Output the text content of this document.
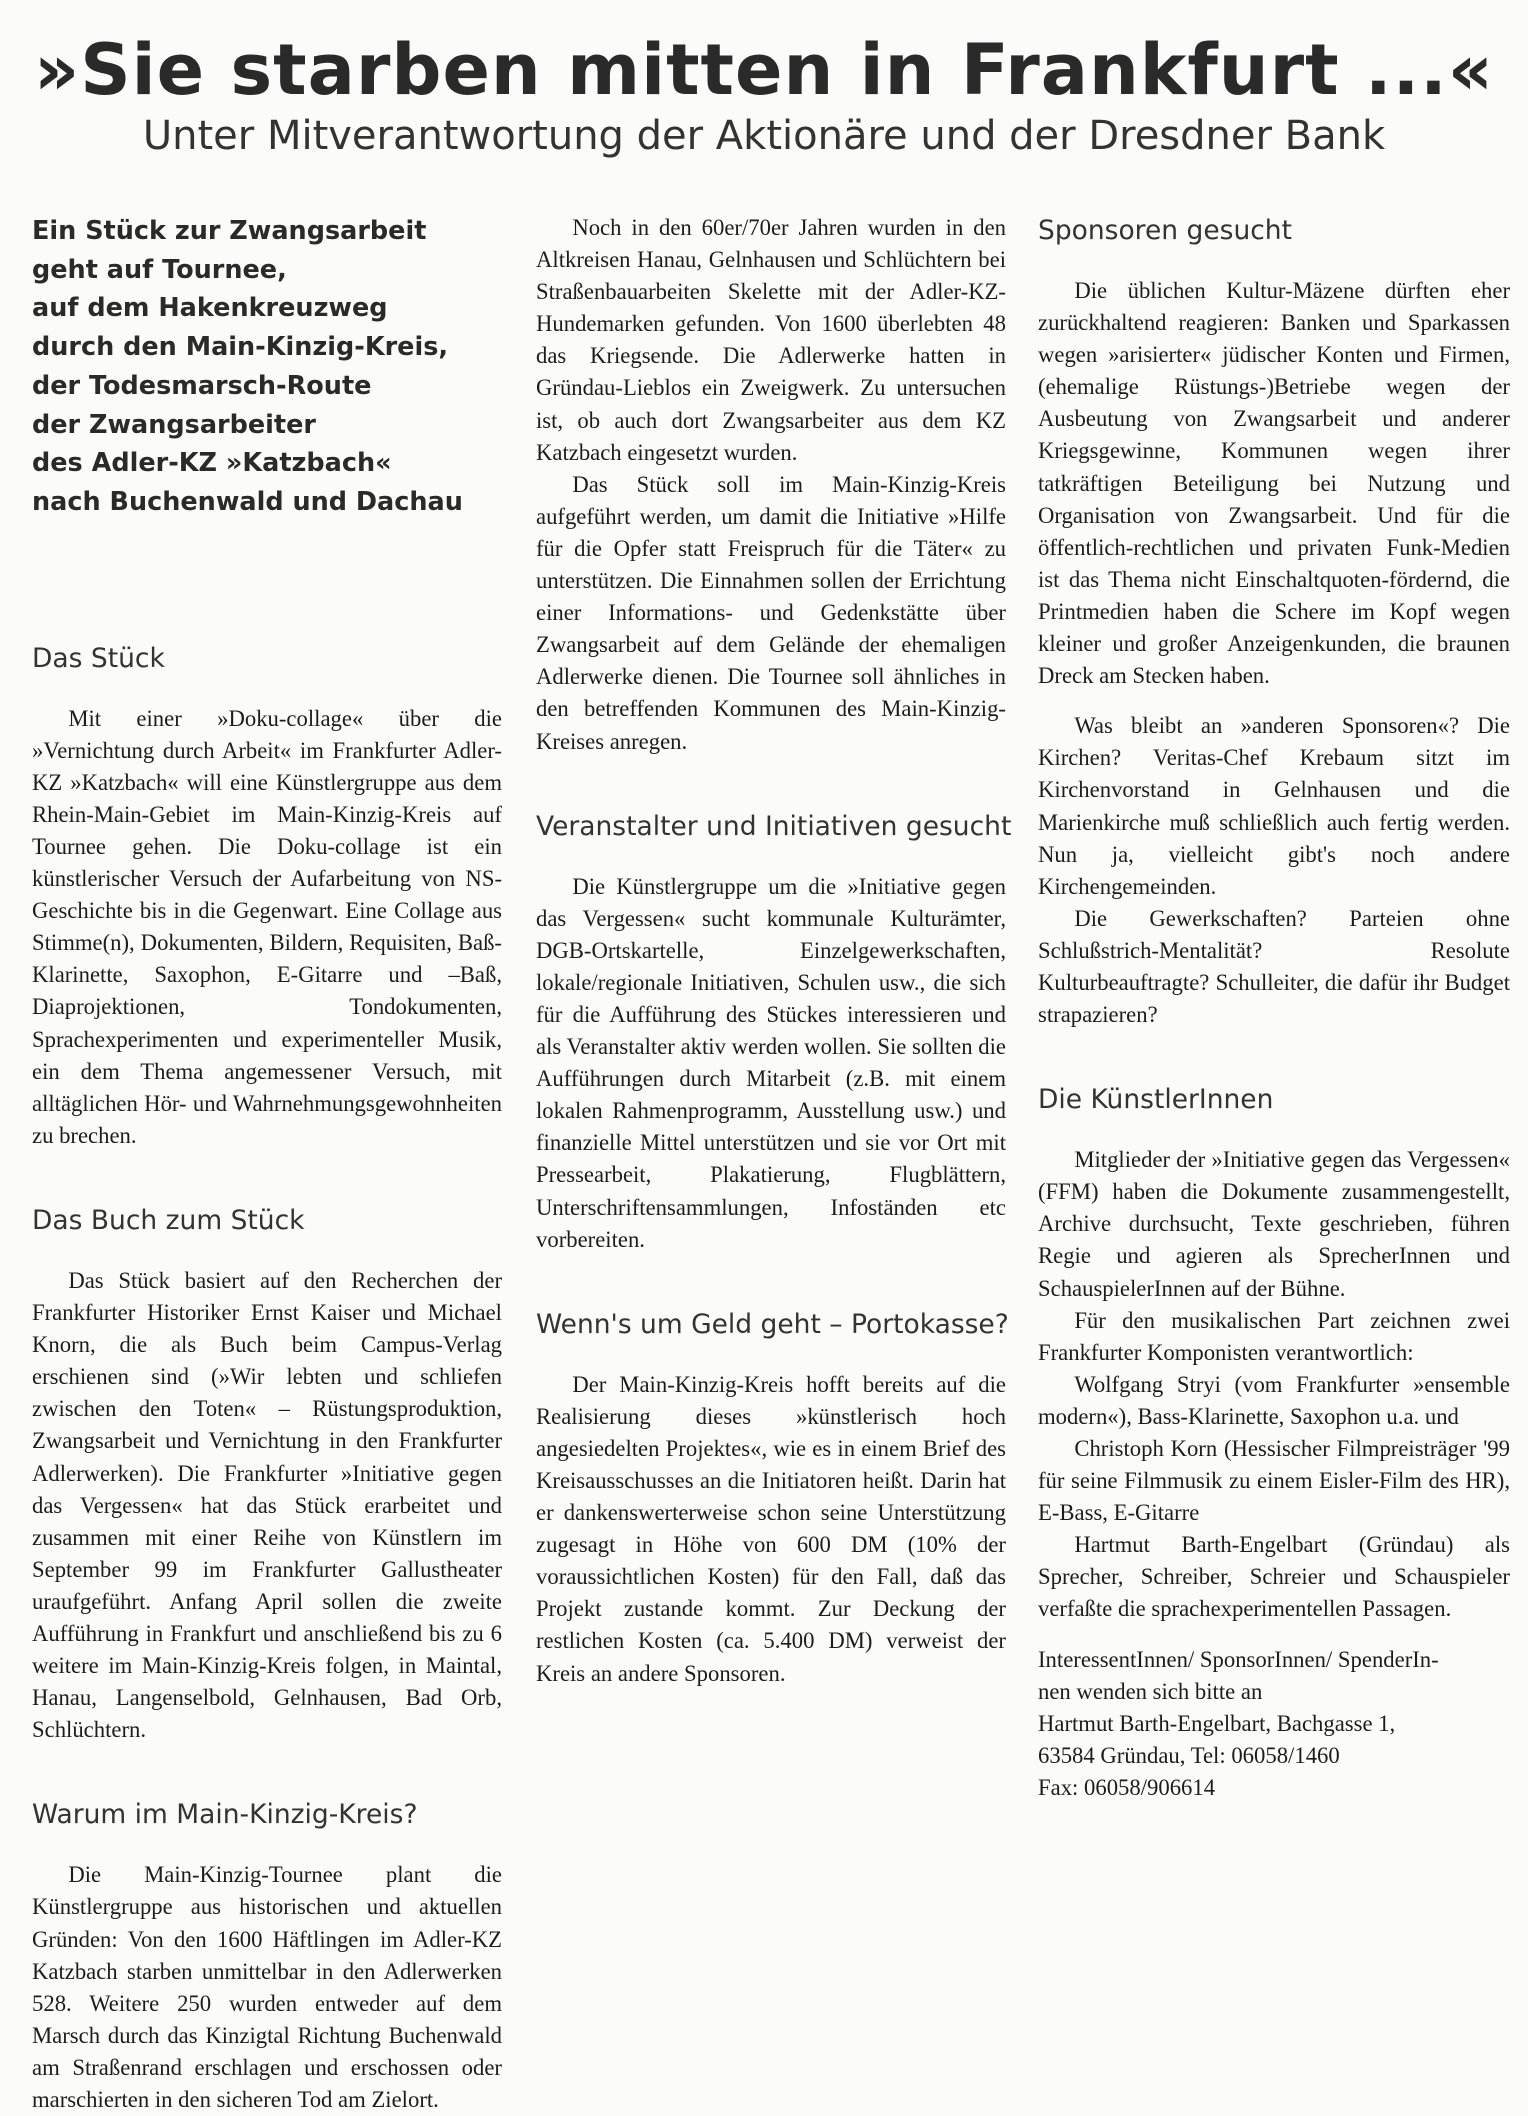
»Sie starben mitten in Frankfurt ...«
Unter Mitverantwortung der Aktionäre und der Dresdner Bank
Ein Stück zur Zwangsarbeit
geht auf Tournee,
auf dem Hakenkreuzweg
durch den Main-Kinzig-Kreis,
der Todesmarsch-Route
der Zwangsarbeiter
des Adler-KZ »Katzbach«
nach Buchenwald und Dachau
Das Stück

Mit einer »Doku-collage« über die »Vernichtung durch Arbeit« im Frankfurter Adler-KZ »Katzbach« will eine Künstlergruppe aus dem Rhein-Main-Gebiet im Main-Kinzig-Kreis auf Tournee gehen. Die Doku-collage ist ein künstlerischer Versuch der Aufarbeitung von NS-Geschichte bis in die Gegenwart. Eine Collage aus Stimme(n), Dokumenten, Bildern, Requisiten, Baß-Klarinette, Saxophon, E-Gitarre und –Baß, Diaprojektionen, Tondokumenten, Sprachexperimenten und experimenteller Musik, ein dem Thema angemessener Versuch, mit alltäglichen Hör- und Wahrnehmungsgewohnheiten zu brechen.

Das Buch zum Stück

Das Stück basiert auf den Recherchen der Frankfurter Historiker Ernst Kaiser und Michael Knorn, die als Buch beim Campus-Verlag erschienen sind (»Wir lebten und schliefen zwischen den Toten« – Rüstungsproduktion, Zwangsarbeit und Vernichtung in den Frankfurter Adlerwerken). Die Frankfurter »Initiative gegen das Vergessen« hat das Stück erarbeitet und zusammen mit einer Reihe von Künstlern im September 99 im Frankfurter Gallustheater uraufgeführt. Anfang April sollen die zweite Aufführung in Frankfurt und anschließend bis zu 6 weitere im Main-Kinzig-Kreis folgen, in Maintal, Hanau, Langenselbold, Gelnhausen, Bad Orb, Schlüchtern.

Warum im Main-Kinzig-Kreis?

Die Main-Kinzig-Tournee plant die Künstlergruppe aus historischen und aktuellen Gründen: Von den 1600 Häftlingen im Adler-KZ Katzbach starben unmittelbar in den Adlerwerken 528. Weitere 250 wurden entweder auf dem Marsch durch das Kinzigtal Richtung Buchenwald am Straßenrand erschlagen und erschossen oder marschierten in den sicheren Tod am Zielort.

Noch in den 60er/70er Jahren wurden in den Altkreisen Hanau, Gelnhausen und Schlüchtern bei Straßenbauarbeiten Skelette mit der Adler-KZ-Hundemarken gefunden. Von 1600 überlebten 48 das Kriegsende. Die Adlerwerke hatten in Gründau-Lieblos ein Zweigwerk. Zu untersuchen ist, ob auch dort Zwangsarbeiter aus dem KZ Katzbach eingesetzt wurden.

Das Stück soll im Main-Kinzig-Kreis aufgeführt werden, um damit die Initiative »Hilfe für die Opfer statt Freispruch für die Täter« zu unterstützen. Die Einnahmen sollen der Errichtung einer Informations- und Gedenkstätte über Zwangsarbeit auf dem Gelände der ehemaligen Adlerwerke dienen. Die Tournee soll ähnliches in den betreffenden Kommunen des Main-Kinzig-Kreises anregen.

Veranstalter und Initiativen gesucht

Die Künstlergruppe um die »Initiative gegen das Vergessen« sucht kommunale Kulturämter, DGB-Ortskartelle, Einzelgewerkschaften, lokale/regionale Initiativen, Schulen usw., die sich für die Aufführung des Stückes interessieren und als Veranstalter aktiv werden wollen. Sie sollten die Aufführungen durch Mitarbeit (z.B. mit einem lokalen Rahmenprogramm, Ausstellung usw.) und finanzielle Mittel unterstützen und sie vor Ort mit Pressearbeit, Plakatierung, Flugblättern, Unterschriftensammlungen, Infoständen etc vorbereiten.

Wenn's um Geld geht – Portokasse?

Der Main-Kinzig-Kreis hofft bereits auf die Realisierung dieses »künstlerisch hoch angesiedelten Projektes«, wie es in einem Brief des Kreisausschusses an die Initiatoren heißt. Darin hat er dankenswerterweise schon seine Unterstützung zugesagt in Höhe von 600 DM (10% der voraussichtlichen Kosten) für den Fall, daß das Projekt zustande kommt. Zur Deckung der restlichen Kosten (ca. 5.400 DM) verweist der Kreis an andere Sponsoren.

Sponsoren gesucht

Die üblichen Kultur-Mäzene dürften eher zurückhaltend reagieren: Banken und Sparkassen wegen »arisierter« jüdischer Konten und Firmen, (ehemalige Rüstungs-)Betriebe wegen der Ausbeutung von Zwangsarbeit und anderer Kriegsgewinne, Kommunen wegen ihrer tatkräftigen Beteiligung bei Nutzung und Organisation von Zwangsarbeit. Und für die öffentlich-rechtlichen und privaten Funk-Medien ist das Thema nicht Einschaltquoten-fördernd, die Printmedien haben die Schere im Kopf wegen kleiner und großer Anzeigenkunden, die braunen Dreck am Stecken haben.

Was bleibt an »anderen Sponsoren«? Die Kirchen? Veritas-Chef Krebaum sitzt im Kirchenvorstand in Gelnhausen und die Marienkirche muß schließlich auch fertig werden. Nun ja, vielleicht gibt's noch andere Kirchengemeinden.

Die Gewerkschaften? Parteien ohne Schlußstrich-Mentalität? Resolute Kulturbeauftragte? Schulleiter, die dafür ihr Budget strapazieren?

Die KünstlerInnen

Mitglieder der »Initiative gegen das Vergessen« (FFM) haben die Dokumente zusammengestellt, Archive durchsucht, Texte geschrieben, führen Regie und agieren als SprecherInnen und SchauspielerInnen auf der Bühne.

Für den musikalischen Part zeichnen zwei Frankfurter Komponisten verantwortlich:

Wolfgang Stryi (vom Frankfurter »ensemble modern«), Bass-Klarinette, Saxophon u.a. und

Christoph Korn (Hessischer Filmpreisträger '99 für seine Filmmusik zu einem Eisler-Film des HR), E-Bass, E-Gitarre

Hartmut Barth-Engelbart (Gründau) als Sprecher, Schreiber, Schreier und Schauspieler verfaßte die sprachexperimentellen Passagen.

InteressentInnen/ SponsorInnen/ SpenderIn-
nen wenden sich bitte an
Hartmut Barth-Engelbart, Bachgasse 1,
63584 Gründau, Tel: 06058/1460
Fax: 06058/906614
